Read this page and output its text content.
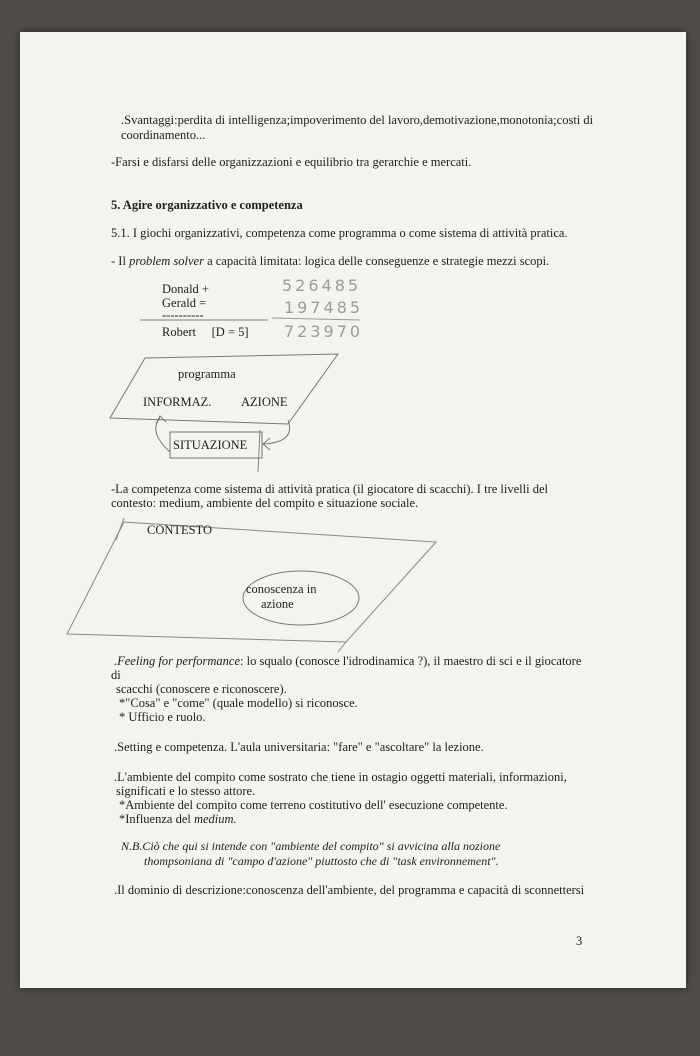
.Svantaggi:perdita di intelligenza;impoverimento del lavoro,demotivazione,monotonia;costi di
coordinamento...
-Farsi e disfarsi delle organizzazioni e equilibrio tra gerarchie e mercati.
5. Agire organizzativo e competenza
5.1. I giochi organizzativi, competenza come programma o come sistema di attività pratica.
- Il problem solver a capacità limitata: logica delle conseguenze e strategie mezzi scopi.
Donald +
Gerald =
----------
Robert     [D = 5]
526485
197485
723970
programma
INFORMAZ. AZIONE
SITUAZIONE
-La competenza come sistema di attività pratica (il giocatore di scacchi). I tre livelli del
contesto: medium, ambiente del compito e situazione sociale.
CONTESTO
conoscenza in
azione
.Feeling for performance: lo squalo (conosce l'idrodinamica ?), il maestro di sci e il giocatore
di
scacchi (conoscere e riconoscere).
*"Cosa" e "come" (quale modello) si riconosce.
* Ufficio e ruolo.
.Setting e competenza. L'aula universitaria: "fare" e "ascoltare" la lezione.
.L'ambiente del compito come sostrato che tiene in ostagio oggetti materiali, informazioni,
significati e lo stesso attore.
*Ambiente del compito come terreno costitutivo dell' esecuzione competente.
*Influenza del medium.
N.B.Ciò che qui si intende con "ambiente del compito" si avvicina alla nozione
thompsoniana di "campo d'azione" piuttosto che di "task environnement".
.Il dominio di descrizione:conoscenza dell'ambiente, del programma e capacità di sconnettersi
3
